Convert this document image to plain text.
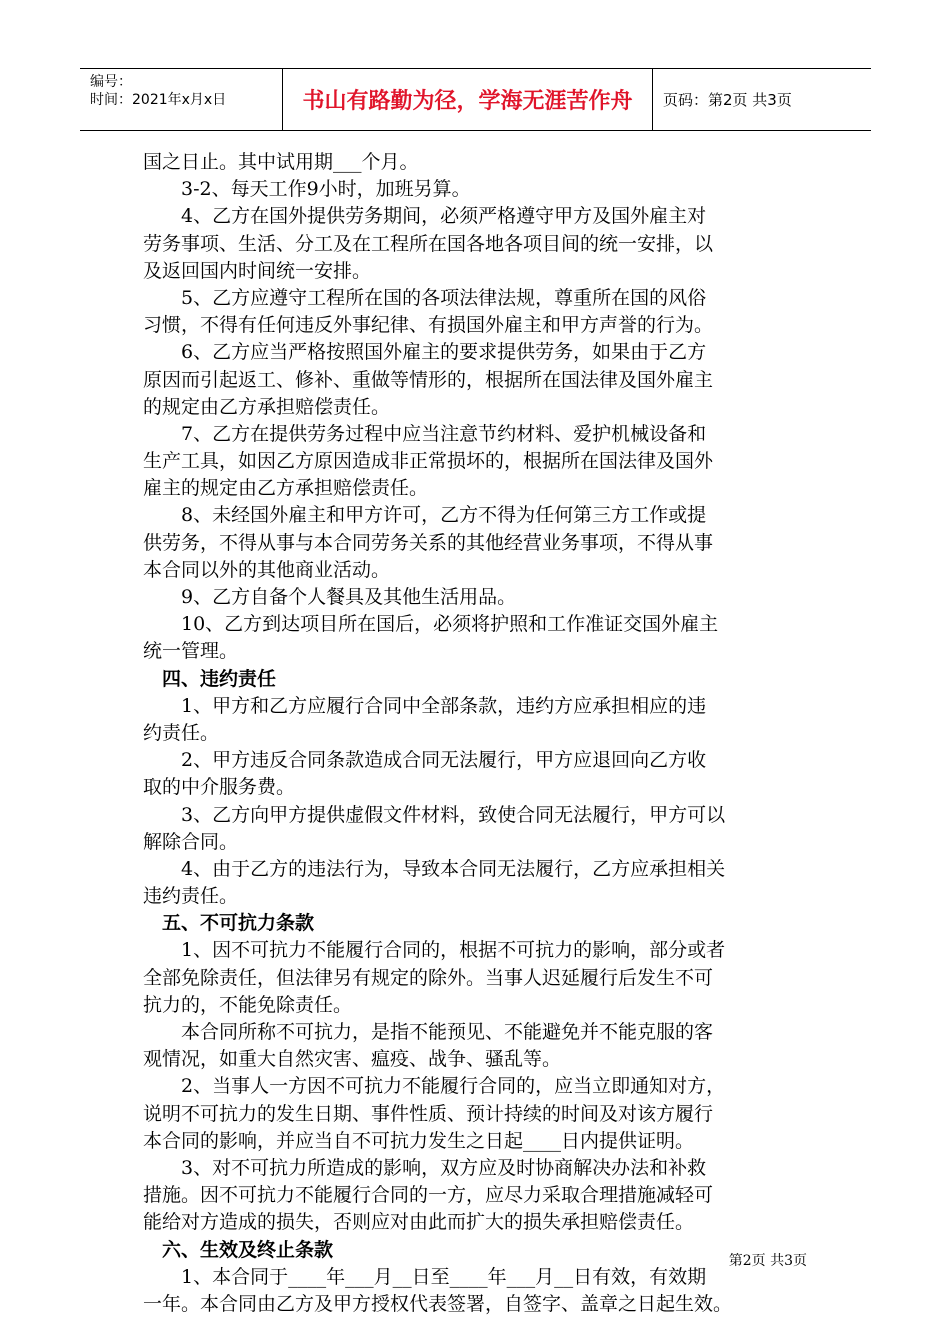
编号：
时间：2021年x月x日	书山有路勤为径，学海无涯苦作舟	页码：第2页 共3页
国之日止。其中试用期___个月。
3-2、每天工作9小时，加班另算。
4、乙方在国外提供劳务期间，必须严格遵守甲方及国外雇主对
劳务事项、生活、分工及在工程所在国各地各项目间的统一安排，以
及返回国内时间统一安排。
5、乙方应遵守工程所在国的各项法律法规，尊重所在国的风俗
习惯，不得有任何违反外事纪律、有损国外雇主和甲方声誉的行为。
6、乙方应当严格按照国外雇主的要求提供劳务，如果由于乙方
原因而引起返工、修补、重做等情形的，根据所在国法律及国外雇主
的规定由乙方承担赔偿责任。
7、乙方在提供劳务过程中应当注意节约材料、爱护机械设备和
生产工具，如因乙方原因造成非正常损坏的，根据所在国法律及国外
雇主的规定由乙方承担赔偿责任。
8、未经国外雇主和甲方许可，乙方不得为任何第三方工作或提
供劳务，不得从事与本合同劳务关系的其他经营业务事项，不得从事
本合同以外的其他商业活动。
9、乙方自备个人餐具及其他生活用品。
10、乙方到达项目所在国后，必须将护照和工作准证交国外雇主
统一管理。
四、违约责任
1、甲方和乙方应履行合同中全部条款，违约方应承担相应的违
约责任。
2、甲方违反合同条款造成合同无法履行，甲方应退回向乙方收
取的中介服务费。
3、乙方向甲方提供虚假文件材料，致使合同无法履行，甲方可以
解除合同。
4、由于乙方的违法行为，导致本合同无法履行，乙方应承担相关
违约责任。
五、不可抗力条款
1、因不可抗力不能履行合同的，根据不可抗力的影响，部分或者
全部免除责任，但法律另有规定的除外。当事人迟延履行后发生不可
抗力的，不能免除责任。
本合同所称不可抗力，是指不能预见、不能避免并不能克服的客
观情况，如重大自然灾害、瘟疫、战争、骚乱等。
2、当事人一方因不可抗力不能履行合同的，应当立即通知对方，
说明不可抗力的发生日期、事件性质、预计持续的时间及对该方履行
本合同的影响，并应当自不可抗力发生之日起____日内提供证明。
3、对不可抗力所造成的影响，双方应及时协商解决办法和补救
措施。因不可抗力不能履行合同的一方，应尽力采取合理措施减轻可
能给对方造成的损失，否则应对由此而扩大的损失承担赔偿责任。
六、生效及终止条款
1、本合同于____年___月__日至____年___月__日有效，有效期
一年。本合同由乙方及甲方授权代表签署，自签字、盖章之日起生效。
第2页 共3页
